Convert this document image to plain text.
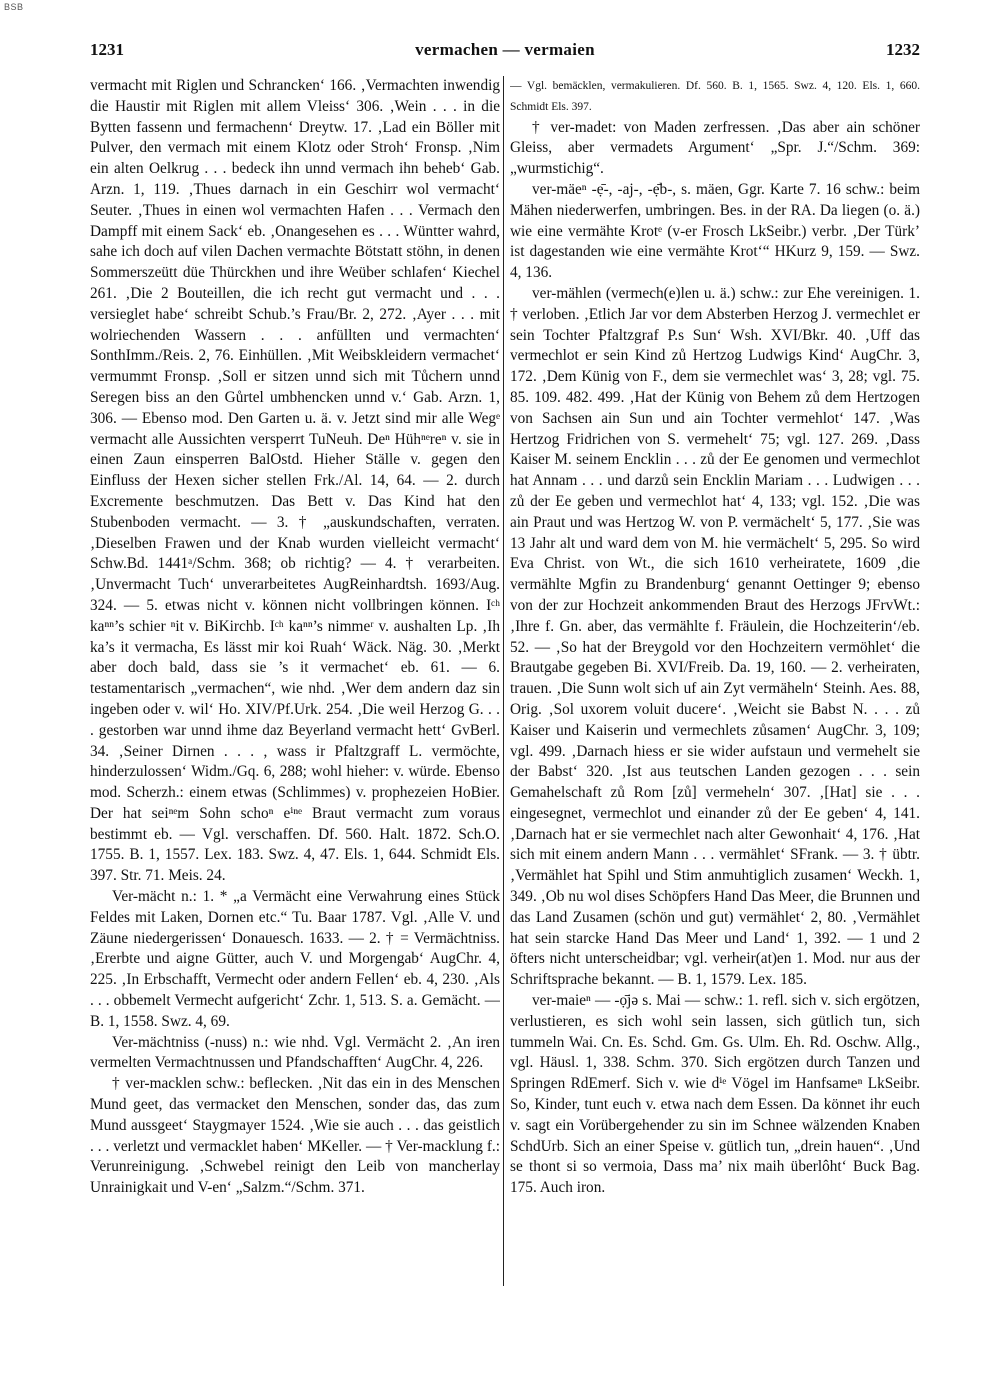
BSB
1231	vermachen — vermaien	1232

vermacht mit Riglen und Schrancken‘ 166. ‚Vermachten inwendig die Haustir mit Riglen mit allem Vleiss‘ 306. ‚Wein . . . in die Bytten fassenn und fermachenn‘ Dreytw. 17. ‚Lad ein Böller mit Pulver, den vermach mit einem Klotz oder Stroh‘ Fronsp. ‚Nim ein alten Oelkrug . . . bedeck ihn unnd vermach ihn beheb‘ Gab. Arzn. 1, 119. ‚Thues darnach in ein Geschirr wol vermacht‘ Seuter. ‚Thues in einen wol vermachten Hafen . . . Vermach den Dampff mit einem Sack‘ eb. ‚Onangesehen es . . . Wüntter wahrd, sahe ich doch auf vilen Dachen vermachte Bötstatt stöhn, in denen Sommerszeütt düe Thürckhen und ihre Weüber schlafen‘ Kiechel 261. ‚Die 2 Bouteillen, die ich recht gut vermacht und . . . versieglet habe‘ schreibt Schub.’s Frau/Br. 2, 272. ‚Ayer . . . mit wolriechenden Wassern . . . anfüllten und vermachten‘ SonthImm./Reis. 2, 76. Einhüllen. ‚Mit Weibskleidern vermachet‘ vermummt Fronsp. ‚Soll er sitzen unnd sich mit Tůchern unnd Seregen biss an den Gůrtel umbhencken unnd v.‘ Gab. Arzn. 1, 306. — Ebenso mod. Den Garten u. ä. v. Jetzt sind mir alle Wegᵉ vermacht alle Aussichten versperrt TuNeuh. Deⁿ Hühⁿᵉreⁿ v. sie in einen Zaun einsperren BalOstd. Hieher Ställe v. gegen den Einfluss der Hexen sicher stellen Frk./Al. 14, 64. — 2. durch Excremente beschmutzen. Das Bett v. Das Kind hat den Stubenboden vermacht. — 3. † „auskundschaften, verraten. ‚Dieselben Frawen und der Knab wurden vielleicht vermacht‘ Schw.Bd. 1441ᵃ/Schm. 368; ob richtig? — 4. † verarbeiten. ‚Unvermacht Tuch‘ unverarbeitetes AugReinhardtsh. 1693/Aug. 324. — 5. etwas nicht v. können nicht vollbringen können. Iᶜʰ kaⁿⁿ’s schier ⁿit v. BiKirchb. Iᶜʰ kaⁿⁿ’s nimmeʳ v. aushalten Lp. ‚Ih ka’s it vermacha, Es lässt mir koi Ruah‘ Wäck. Näg. 30. ‚Merkt aber doch bald, dass sie ’s it vermachet‘ eb. 61. — 6. testamentarisch „vermachen“, wie nhd. ‚Wer dem andern daz sin ingeben oder v. wil‘ Ho. XIV/Pf.Urk. 254. ‚Die weil Herzog G. . . . gestorben war unnd ihme daz Beyerland vermacht hett‘ GvBerl. 34. ‚Seiner Dirnen . . . , wass ir Pfaltzgraff L. vermöchte, hinderzulossen‘ Widm./Gq. 6, 288; wohl hieher: v. würde. Ebenso mod. Scherzh.: einem etwas (Schlimmes) v. prophezeien HoBier. Der hat seiⁿᵉm Sohn schoⁿ eⁱⁿᵉ Braut vermacht zum voraus bestimmt eb. — Vgl. verschaffen. Df. 560. Halt. 1872. Sch.O. 1755. B. 1, 1557. Lex. 183. Swz. 4, 47. Els. 1, 644. Schmidt Els. 397. Str. 71. Meis. 24.

Ver-mächt n.: 1. * „a Vermächt eine Verwahrung eines Stück Feldes mit Laken, Dornen etc.“ Tu. Baar 1787. Vgl. ‚Alle V. und Zäune niedergerissen‘ Donauesch. 1633. — 2. † = Vermächtniss. ‚Ererbte und aigne Gütter, auch V. und Morgengab‘ AugChr. 4, 225. ‚In Erbschafft, Vermecht oder andern Fellen‘ eb. 4, 230. ‚Als . . . obbemelt Vermecht aufgericht‘ Zchr. 1, 513. S. a. Gemächt. — B. 1, 1558. Swz. 4, 69.

Ver-mächtniss (-nuss) n.: wie nhd. Vgl. Vermächt 2. ‚An iren vermelten Vermachtnussen und Pfandschafften‘ AugChr. 4, 226.

† ver-macklen schw.: beflecken. ‚Nit das ein in des Menschen Mund geet, das vermacket den Menschen, sonder das, das zum Mund aussgeet‘ Staygmayer 1524. ‚Wie sie auch . . . das geistlich . . . verletzt und vermacklet haben‘ MKeller. — † Ver-macklung f.: Verunreinigung. ‚Schwebel reinigt den Leib von mancherlay Unrainigkait und V-en‘ „Salzm.“/Schm. 371.

— Vgl. bemäcklen, vermakulieren. Df. 560. B. 1, 1565. Swz. 4, 120. Els. 1, 660. Schmidt Els. 397.

† ver-madet: von Maden zerfressen. ‚Das aber ain schöner Gleiss, aber vermadets Argument‘ „Spr. J.“/Schm. 369: „wurmstichig“.

ver-mäeⁿ -ẹ̄-, -aj-, -ẹ̄b-, s. mäen, Ggr. Karte 7. 16 schw.: beim Mähen niederwerfen, umbringen. Bes. in der RA. Da liegen (o. ä.) wie eine vermähte Krotᵉ (v-er Frosch LkSeibr.) verbr. ‚Der Türk’ ist dagestanden wie eine vermähte Krot‘“ HKurz 9, 159. — Swz. 4, 136.

ver-mählen (vermech(e)len u. ä.) schw.: zur Ehe vereinigen. 1. † verloben. ‚Etlich Jar vor dem Absterben Herzog J. vermechlet er sein Tochter Pfaltzgraf P.s Sun‘ Wsh. XVI/Bkr. 40. ‚Uff das vermechlot er sein Kind zů Hertzog Ludwigs Kind‘ AugChr. 3, 172. ‚Dem Künig von F., dem sie vermechlet was‘ 3, 28; vgl. 75. 85. 109. 482. 499. ‚Hat der Künig von Behem zů dem Hertzogen von Sachsen ain Sun und ain Tochter vermehlot‘ 147. ‚Was Hertzog Fridrichen von S. vermehelt‘ 75; vgl. 127. 269. ‚Dass Kaiser M. seinem Encklin . . . zů der Ee genomen und vermechlot hat Annam . . . und darzů sein Encklin Mariam . . . Ludwigen . . . zů der Ee geben und vermechlot hat‘ 4, 133; vgl. 152. ‚Die was ain Praut und was Hertzog W. von P. vermächelt‘ 5, 177. ‚Sie was 13 Jahr alt und ward dem von M. hie vermächelt‘ 5, 295. So wird Eva Christ. von Wt., die sich 1610 verheiratete, 1609 ‚die vermählte Mgfin zu Brandenburg‘ genannt Oettinger 9; ebenso von der zur Hochzeit ankommenden Braut des Herzogs JFrvWt.: ‚Ihre f. Gn. aber, das vermählte f. Fräulein, die Hochzeiterin‘/eb. 52. — ‚So hat der Breygold vor den Hochzeitern vermöhlet‘ die Brautgabe gegeben Bi. XVI/Freib. Da. 19, 160. — 2. verheiraten, trauen. ‚Die Sunn wolt sich uf ain Zyt vermäheln‘ Steinh. Aes. 88, Orig. ‚Sol uxorem voluit ducere‘. ‚Weicht sie Babst N. . . . zů Kaiser und Kaiserin und vermechlets zůsamen‘ AugChr. 3, 109; vgl. 499. ‚Darnach hiess er sie wider aufstaun und vermehelt sie der Babst‘ 320. ‚Ist aus teutschen Landen gezogen . . . sein Gemahelschaft zů Rom [zů] vermeheln‘ 307. ‚[Hat] sie . . . eingesegnet, vermechlot und einander zů der Ee geben‘ 4, 141. ‚Darnach hat er sie vermechlet nach alter Gewonhait‘ 4, 176. ‚Hat sich mit einem andern Mann . . . vermählet‘ SFrank. — 3. † übtr. ‚Vermählet hat Spihl und Stim anmuhtiglich zusamen‘ Weckh. 1, 349. ‚Ob nu wol dises Schöpfers Hand Das Meer, die Brunnen und das Land Zusamen (schön und gut) vermählet‘ 2, 80. ‚Vermählet hat sein starcke Hand Das Meer und Land‘ 1, 392. — 1 und 2 öfters nicht unterscheidbar; vgl. verheir(at)en 1. Mod. nur aus der Schriftsprache bekannt. — B. 1, 1579. Lex. 185.

ver-maieⁿ — -ọ̄jə s. Mai — schw.: 1. refl. sich v. sich ergötzen, verlustieren, es sich wohl sein lassen, sich gütlich tun, sich tummeln Wai. Cn. Es. Schd. Gm. Gs. Ulm. Eh. Rd. Oschw. Allg., vgl. Häusl. 1, 338. Schm. 370. Sich ergötzen durch Tanzen und Springen RdEmerf. Sich v. wie dⁱᵉ Vögel im Hanfsameⁿ LkSeibr. So, Kinder, tunt euch v. etwa nach dem Essen. Da könnet ihr euch v. sagt ein Vorübergehender zu sin im Schnee wälzenden Knaben SchdUrb. Sich an einer Speise v. gütlich tun, „drein hauen“. ‚Und se thont si so vermoia, Dass ma’ nix maih überlôht‘ Buck Bag. 175. Auch iron.
